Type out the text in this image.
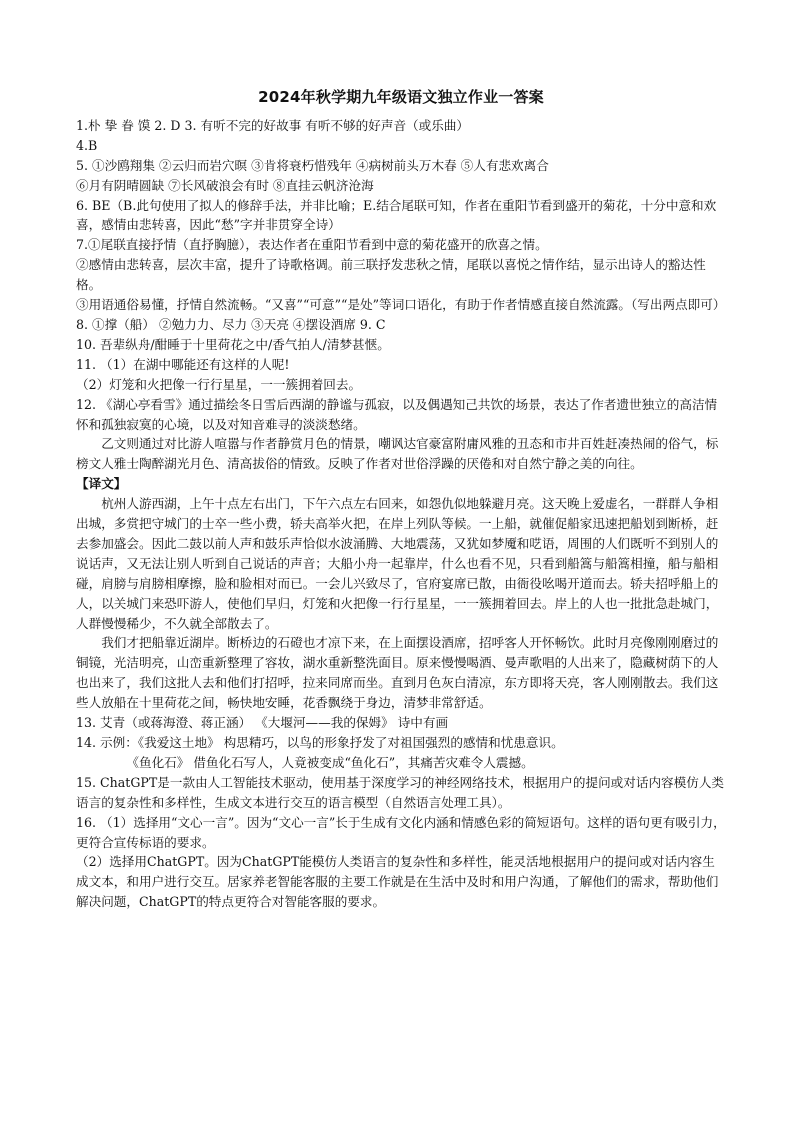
2024年秋学期九年级语文独立作业一答案
1.朴 挚 眷 馍 2. D 3. 有听不完的好故事 有听不够的好声音（或乐曲）
4.B
5. ①沙鸥翔集 ②云归而岩穴暝 ③肯将衰朽惜残年 ④病树前头万木春 ⑤人有悲欢离合
⑥月有阴晴圆缺 ⑦长风破浪会有时 ⑧直挂云帆济沧海
6. BE（B.此句使用了拟人的修辞手法，并非比喻；E.结合尾联可知，作者在重阳节看到盛开的菊花，十分中意和欢喜，感情由悲转喜，因此“愁”字并非贯穿全诗）
7.①尾联直接抒情（直抒胸臆），表达作者在重阳节看到中意的菊花盛开的欣喜之情。
②感情由悲转喜，层次丰富，提升了诗歌格调。前三联抒发悲秋之情，尾联以喜悦之情作结，显示出诗人的豁达性格。
③用语通俗易懂，抒情自然流畅。“又喜”“可意”“是处”等词口语化，有助于作者情感直接自然流露。（写出两点即可）
8. ①撑（船） ②勉力力、尽力 ③天亮 ④摆设酒席 9. C
10. 吾辈纵舟/酣睡于十里荷花之中/香气拍人/清梦甚惬。
11. （1）在湖中哪能还有这样的人呢!
（2）灯笼和火把像一行行星星，一一簇拥着回去。
12. 《湖心亭看雪》通过描绘冬日雪后西湖的静谧与孤寂，以及偶遇知己共饮的场景，表达了作者遗世独立的高洁情怀和孤独寂寞的心境，以及对知音难寻的淡淡愁绪。
乙文则通过对比游人喧嚣与作者静赏月色的情景，嘲讽达官豪富附庸风雅的丑态和市井百姓赶凑热闹的俗气，标榜文人雅士陶醉湖光月色、清高拔俗的情致。反映了作者对世俗浮躁的厌倦和对自然宁静之美的向往。
【译文】
杭州人游西湖，上午十点左右出门，下午六点左右回来，如怨仇似地躲避月亮。这天晚上爱虚名，一群群人争相出城，多赏把守城门的士卒一些小费，轿夫高举火把，在岸上列队等候。一上船，就催促船家迅速把船划到断桥，赶去参加盛会。因此二鼓以前人声和鼓乐声恰似水波涌腾、大地震荡，又犹如梦魇和呓语，周围的人们既听不到别人的说话声，又无法让别人听到自己说话的声音；大船小舟一起靠岸，什么也看不见，只看到船篙与船篙相撞，船与船相碰，肩膀与肩膀相摩擦，脸和脸相对而已。一会儿兴致尽了，官府宴席已散，由衙役吆喝开道而去。轿夫招呼船上的人，以关城门来恐吓游人，使他们早归，灯笼和火把像一行行星星，一一簇拥着回去。岸上的人也一批批急赴城门，人群慢慢稀少，不久就全部散去了。
我们才把船靠近湖岸。断桥边的石磴也才凉下来，在上面摆设酒席，招呼客人开怀畅饮。此时月亮像刚刚磨过的铜镜，光洁明亮，山峦重新整理了容妆，湖水重新整洗面目。原来慢慢喝酒、曼声歌唱的人出来了，隐藏树荫下的人也出来了，我们这批人去和他们打招呼，拉来同席而坐。直到月色灰白清凉，东方即将天亮，客人刚刚散去。我们这些人放船在十里荷花之间，畅快地安睡，花香飘绕于身边，清梦非常舒适。
13. 艾青（或蒋海澄、蒋正涵） 《大堰河——我的保姆》 诗中有画
14. 示例：《我爱这土地》 构思精巧，以鸟的形象抒发了对祖国强烈的感情和忧患意识。
《鱼化石》 借鱼化石写人，人竟被变成“鱼化石”，其痛苦灾难令人震撼。
15. ChatGPT是一款由人工智能技术驱动，使用基于深度学习的神经网络技术，根据用户的提问或对话内容模仿人类语言的复杂性和多样性，生成文本进行交互的语言模型（自然语言处理工具）。
16. （1）选择用“文心一言”。因为“文心一言”长于生成有文化内涵和情感色彩的简短语句。这样的语句更有吸引力，更符合宣传标语的要求。
（2）选择用ChatGPT。因为ChatGPT能模仿人类语言的复杂性和多样性，能灵活地根据用户的提问或对话内容生成文本，和用户进行交互。居家养老智能客服的主要工作就是在生活中及时和用户沟通，了解他们的需求，帮助他们解决问题，ChatGPT的特点更符合对智能客服的要求。
